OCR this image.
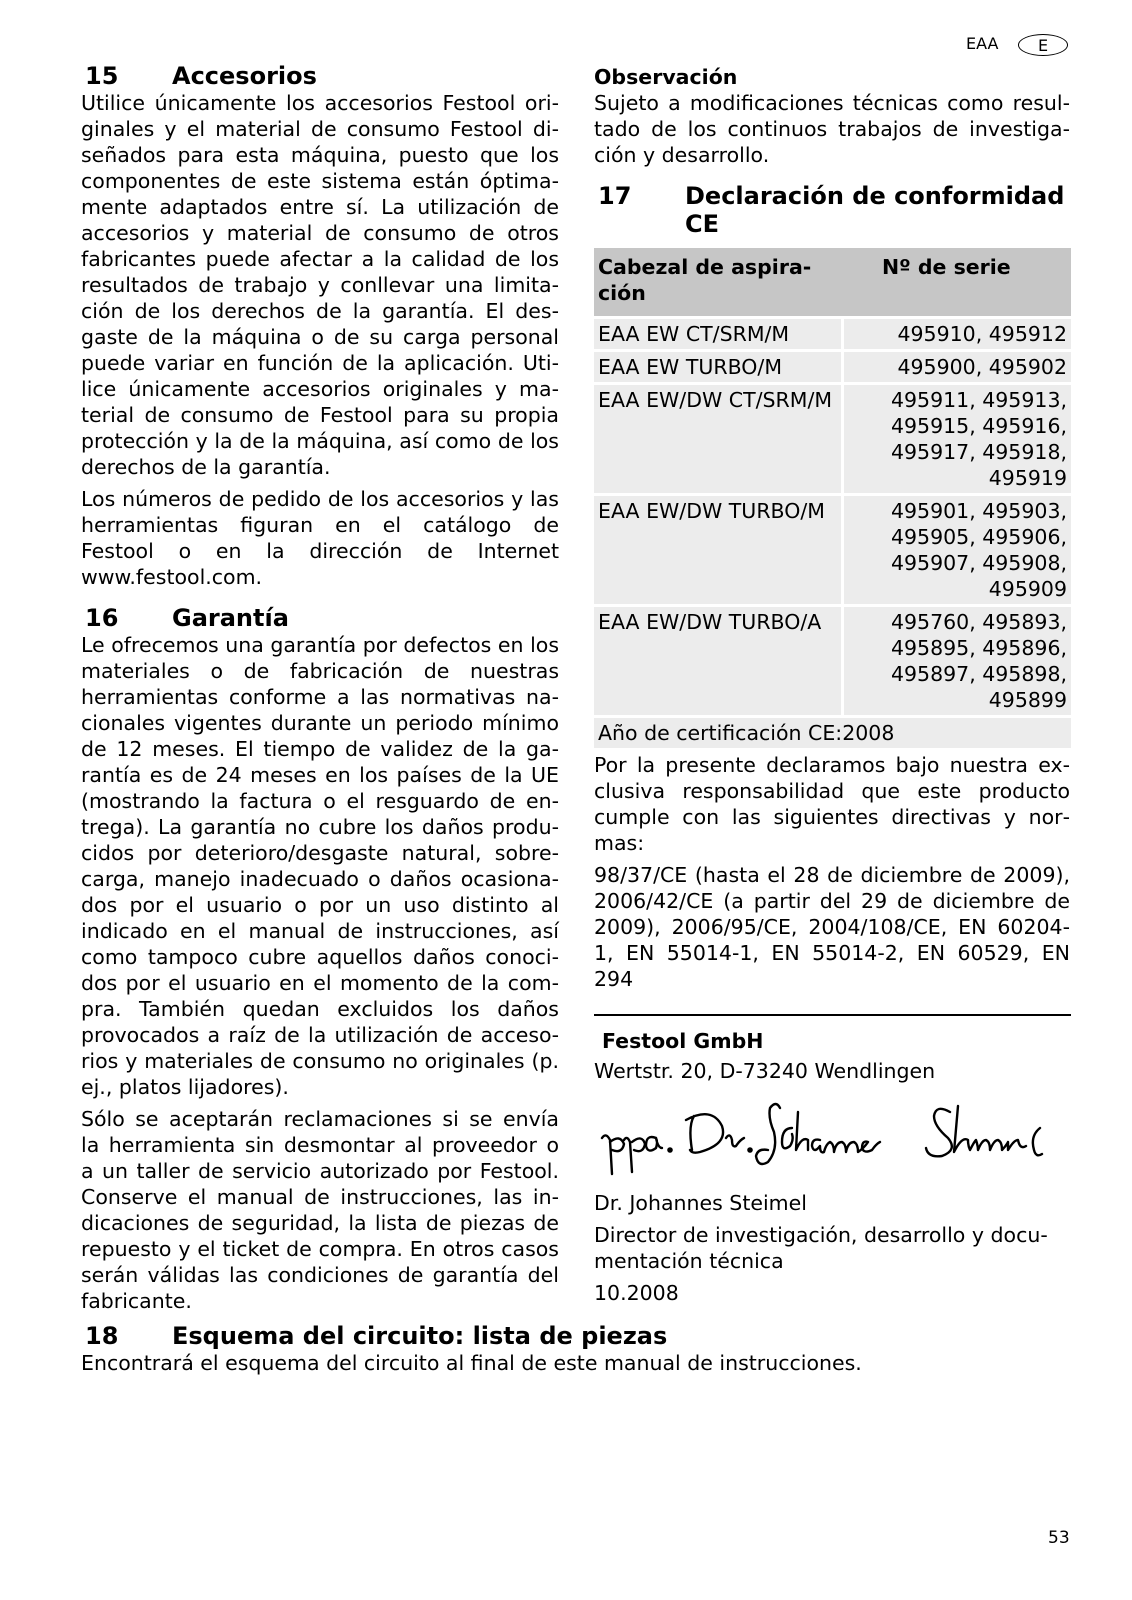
EAA	E
15	Accesorios

Utilice únicamente los accesorios Festool originales y el material de consumo Festool diseñados para esta máquina, puesto que los componentes de este sistema están óptimamente adaptados entre sí. La utilización de accesorios y material de consumo de otros fabricantes puede afectar a la calidad de los resultados de trabajo y conllevar una limitación de los derechos de la garantía. El desgaste de la máquina o de su carga personal puede variar en función de la aplicación. Utilice únicamente accesorios originales y material de consumo de Festool para su propia protección y la de la máquina, así como de los derechos de la garantía.

Los números de pedido de los accesorios y las herramientas figuran en el catálogo de Festool o en la dirección de Internet www.festool.com.

16	Garantía

Le ofrecemos una garantía por defectos en los materiales o de fabricación de nuestras herramientas conforme a las normativas nacionales vigentes durante un periodo mínimo de 12 meses. El tiempo de validez de la garantía es de 24 meses en los países de la UE (mostrando la factura o el resguardo de entrega). La garantía no cubre los daños producidos por deterioro/desgaste natural, sobrecarga, manejo inadecuado o daños ocasionados por el usuario o por un uso distinto al indicado en el manual de instrucciones, así como tampoco cubre aquellos daños conocidos por el usuario en el momento de la compra. También quedan excluidos los daños provocados a raíz de la utilización de accesorios y materiales de consumo no originales (p. ej., platos lijadores).

Sólo se aceptarán reclamaciones si se envía la herramienta sin desmontar al proveedor o a un taller de servicio autorizado por Festool. Conserve el manual de instrucciones, las indicaciones de seguridad, la lista de piezas de repuesto y el ticket de compra. En otros casos serán válidas las condiciones de garantía del fabricante.

Observación

Sujeto a modificaciones técnicas como resultado de los continuos trabajos de investigación y desarrollo.

17	Declaración de conformidad CE
Cabezal de aspiración	Nº de serie
EAA EW CT/SRM/M	495910, 495912

EAA EW TURBO/M	495900, 495902

EAA EW/DW CT/SRM/M	495911, 495913,
495915, 495916,
495917, 495918,
495919

EAA EW/DW TURBO/M	495901, 495903,
495905, 495906,
495907, 495908,
495909

EAA EW/DW TURBO/A	495760, 495893,
495895, 495896,
495897, 495898,
495899

Año de certificación CE:2008	

Por la presente declaramos bajo nuestra exclusiva responsabilidad que este producto cumple con las siguientes directivas y normas:

98/37/CE (hasta el 28 de diciembre de 2009), 2006/42/CE (a partir del 29 de diciembre de 2009), 2006/95/CE, 2004/108/CE, EN 60204-1, EN 55014-1, EN 55014-2, EN 60529, EN 294

Festool GmbH

Wertstr. 20, D-73240 Wendlingen

Dr. Johannes Steimel

Director de investigación, desarrollo y documentación técnica

10.2008

18	Esquema del circuito: lista de piezas

Encontrará el esquema del circuito al final de este manual de instrucciones.

53
